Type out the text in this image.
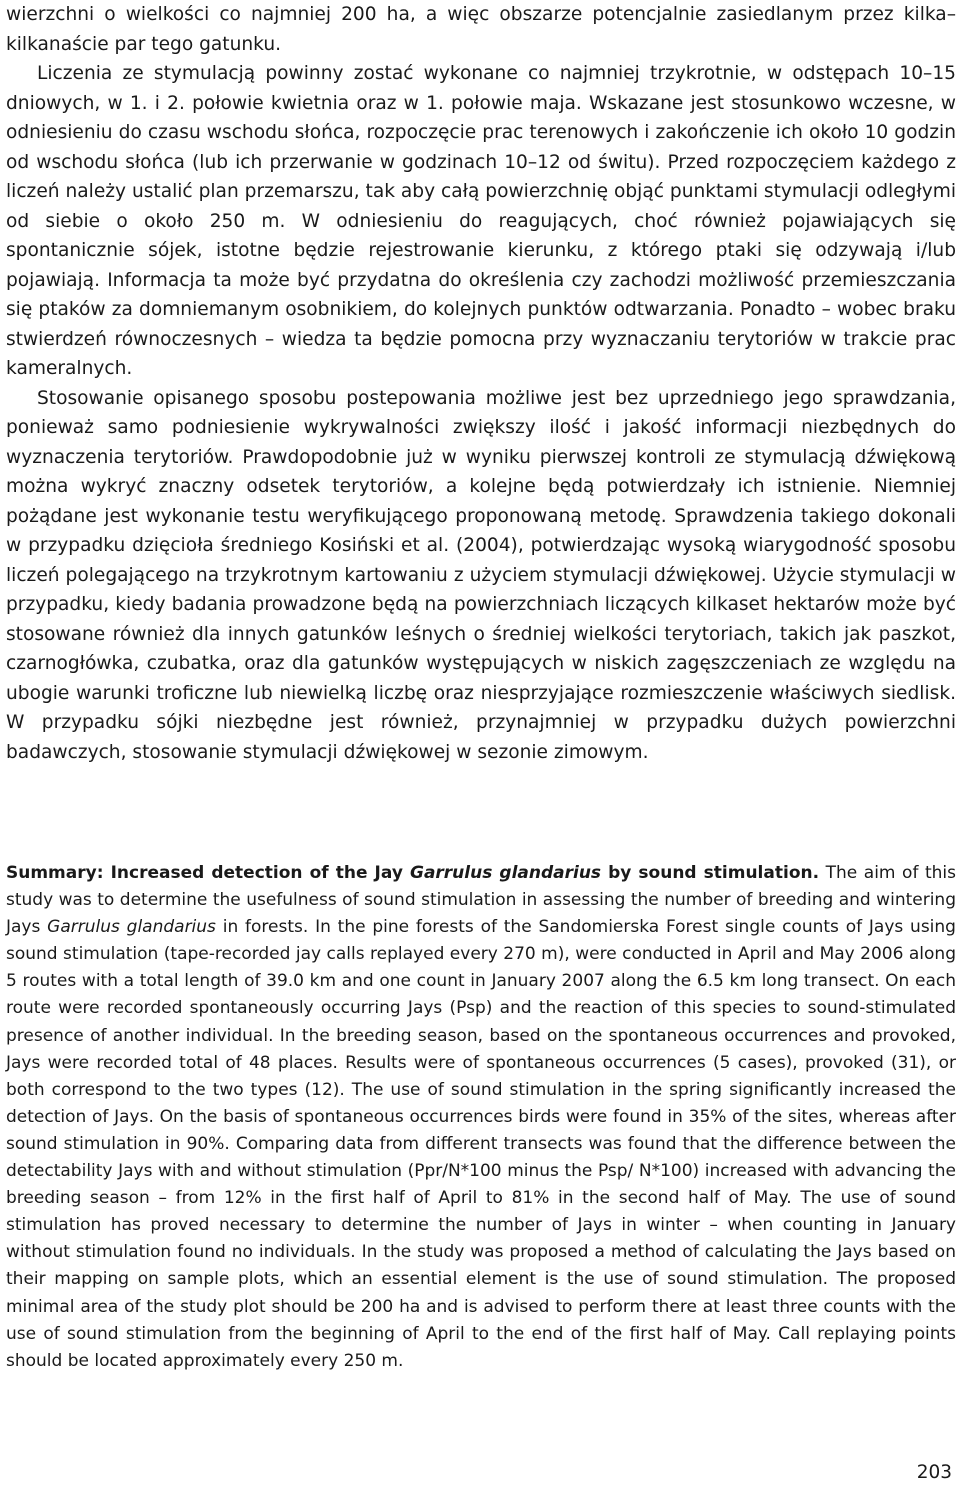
wierzchni o wielkości co najmniej 200 ha, a więc obszarze potencjalnie zasiedlanym przez kilka–kilkanaście par tego gatunku.

Liczenia ze stymulacją powinny zostać wykonane co najmniej trzykrotnie, w odstępach 10–15 dniowych, w 1. i 2. połowie kwietnia oraz w 1. połowie maja. Wskazane jest stosunkowo wczesne, w odniesieniu do czasu wschodu słońca, rozpoczęcie prac terenowych i zakończenie ich około 10 godzin od wschodu słońca (lub ich przerwanie w godzinach 10–12 od świtu). Przed rozpoczęciem każdego z liczeń należy ustalić plan przemarszu, tak aby całą powierzchnię objąć punktami stymulacji odległymi od siebie o około 250 m. W odniesieniu do reagujących, choć również pojawiających się spontanicznie sójek, istotne będzie rejestrowanie kierunku, z którego ptaki się odzywają i/lub pojawiają. Informacja ta może być przydatna do określenia czy zachodzi możliwość przemieszczania się ptaków za domniemanym osobnikiem, do kolejnych punktów odtwarzania. Ponadto – wobec braku stwierdzeń równoczesnych – wiedza ta będzie pomocna przy wyznaczaniu terytoriów w trakcie prac kameralnych.

Stosowanie opisanego sposobu postepowania możliwe jest bez uprzedniego jego sprawdzania, ponieważ samo podniesienie wykrywalności zwiększy ilość i jakość informacji niezbędnych do wyznaczenia terytoriów. Prawdopodobnie już w wyniku pierwszej kontroli ze stymulacją dźwiękową można wykryć znaczny odsetek terytoriów, a kolejne będą potwierdzały ich istnienie. Niemniej pożądane jest wykonanie testu weryfikującego proponowaną metodę. Sprawdzenia takiego dokonali w przypadku dzięcioła średniego Kosiński et al. (2004), potwierdzając wysoką wiarygodność sposobu liczeń polegającego na trzykrotnym kartowaniu z użyciem stymulacji dźwiękowej. Użycie stymulacji w przypadku, kiedy badania prowadzone będą na powierzchniach liczących kilkaset hektarów może być stosowane również dla innych gatunków leśnych o średniej wielkości terytoriach, takich jak paszkot, czarnogłówka, czubatka, oraz dla gatunków występujących w niskich zagęszczeniach ze względu na ubogie warunki troficzne lub niewielką liczbę oraz niesprzyjające rozmieszczenie właściwych siedlisk. W przypadku sójki niezbędne jest również, przynajmniej w przypadku dużych powierzchni badawczych, stosowanie stymulacji dźwiękowej w sezonie zimowym.

Summary: Increased detection of the Jay Garrulus glandarius by sound stimulation. The aim of this study was to determine the usefulness of sound stimulation in assessing the number of breeding and wintering Jays Garrulus glandarius in forests. In the pine forests of the Sandomierska Forest single counts of Jays using sound stimulation (tape-recorded jay calls replayed every 270 m), were conducted in April and May 2006 along 5 routes with a total length of 39.0 km and one count in January 2007 along the 6.5 km long transect. On each route were recorded spontaneously occurring Jays (Psp) and the reaction of this species to sound-stimulated presence of another individual. In the breeding season, based on the spontaneous occurrences and provoked, Jays were recorded total of 48 places. Results were of spontaneous occurrences (5 cases), provoked (31), or both correspond to the two types (12). The use of sound stimulation in the spring significantly increased the detection of Jays. On the basis of spontaneous occurrences birds were found in 35% of the sites, whereas after sound stimulation in 90%. Comparing data from different transects was found that the difference between the detectability Jays with and without stimulation (Ppr/N*100 minus the Psp/ N*100) increased with advancing the breeding season – from 12% in the first half of April to 81% in the second half of May. The use of sound stimulation has proved necessary to determine the number of Jays in winter – when counting in January without stimulation found no individuals. In the study was proposed a method of calculating the Jays based on their mapping on sample plots, which an essential element is the use of sound stimulation. The proposed minimal area of the study plot should be 200 ha and is advised to perform there at least three counts with the use of sound stimulation from the beginning of April to the end of the first half of May. Call replaying points should be located approximately every 250 m.

203
